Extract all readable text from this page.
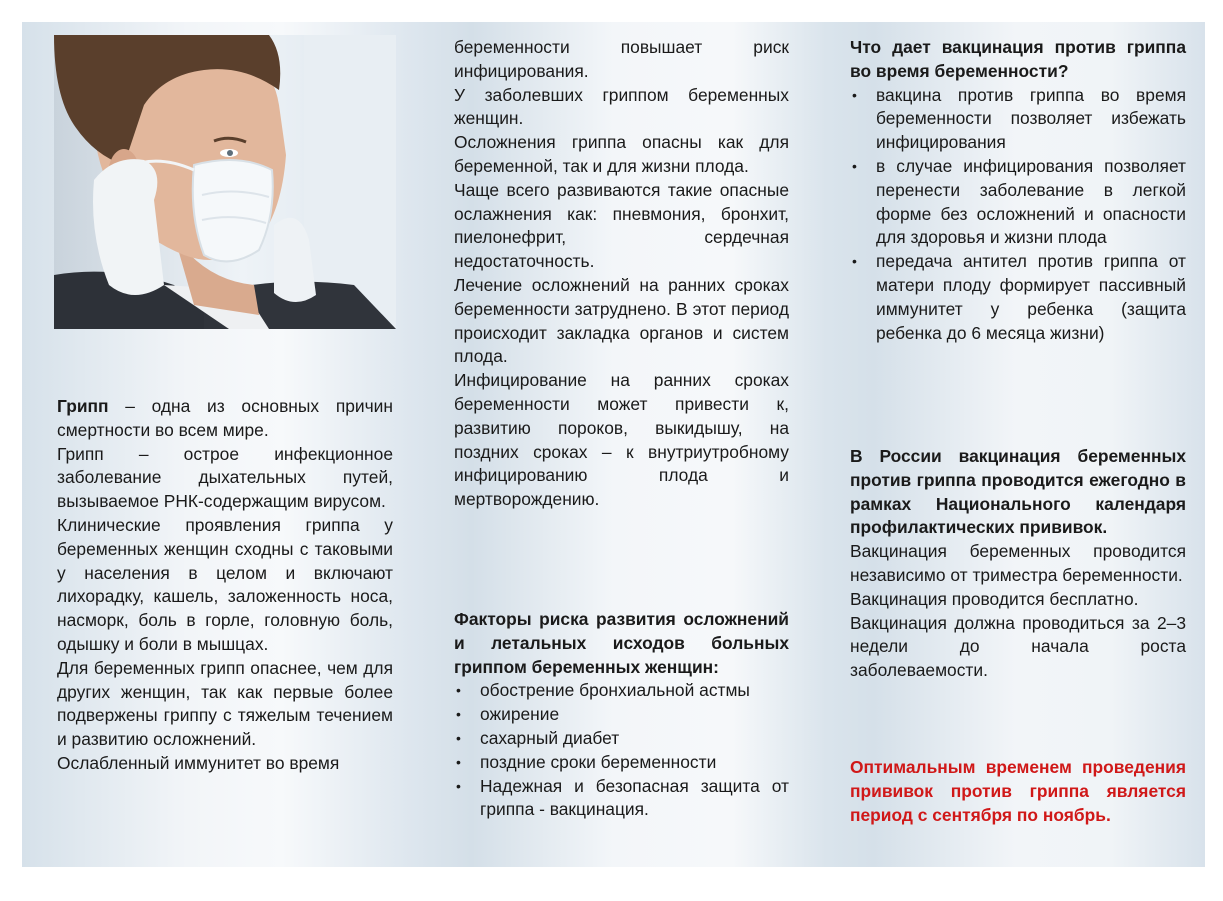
Грипп – одна из основных причин смертности во всем мире.

Грипп – острое инфекционное заболевание дыхательных путей, вызываемое РНК-содержащим вирусом.

Клинические проявления гриппа у беременных женщин сходны с таковыми у населения в целом и включают лихорадку, кашель, заложенность носа, насморк, боль в горле, головную боль, одышку и боли в мышцах.

Для беременных грипп опаснее, чем для других женщин, так как первые более подвержены гриппу с тяжелым течением и развитию осложнений.

Ослабленный иммунитет во время

беременности повышает риск инфицирования.

У заболевших гриппом беременных женщин.

Осложнения гриппа опасны как для беременной, так и для жизни плода.

Чаще всего развиваются такие опасные ослажнения как: пневмония, бронхит, пиелонефрит, сердечная недостаточность.

Лечение осложнений на ранних сроках беременности затруднено. В этот период происходит закладка органов и систем плода.

Инфицирование на ранних сроках беременности может привести к, развитию пороков, выкидышу, на поздних сроках – к внутриутробному инфицированию плода и мертворождению.

Факторы риска развития осложнений и летальных исходов больных гриппом беременных женщин:

• обострение бронхиальной астмы
• ожирение
• сахарный диабет
• поздние сроки беременности
• Надежная и безопасная защита от гриппа - вакцинация.

Что дает вакцинация против гриппа во время беременности?

• вакцина против гриппа во время беременности позволяет избежать инфицирования
• в случае инфицирования позволяет перенести заболевание в легкой форме без осложнений и опасности для здоровья и жизни плода
• передача антител против гриппа от матери плоду формирует пассивный иммунитет у ребенка (защита ребенка до 6 месяца жизни)

В России вакцинация беременных против гриппа проводится ежегодно в рамках Национального календаря профилактических прививок.

Вакцинация беременных проводится независимо от триместра беременности.

Вакцинация проводится бесплатно.

Вакцинация должна проводиться за 2–3 недели до начала роста заболеваемости.

Оптимальным временем проведения прививок против гриппа является период с сентября по ноябрь.
